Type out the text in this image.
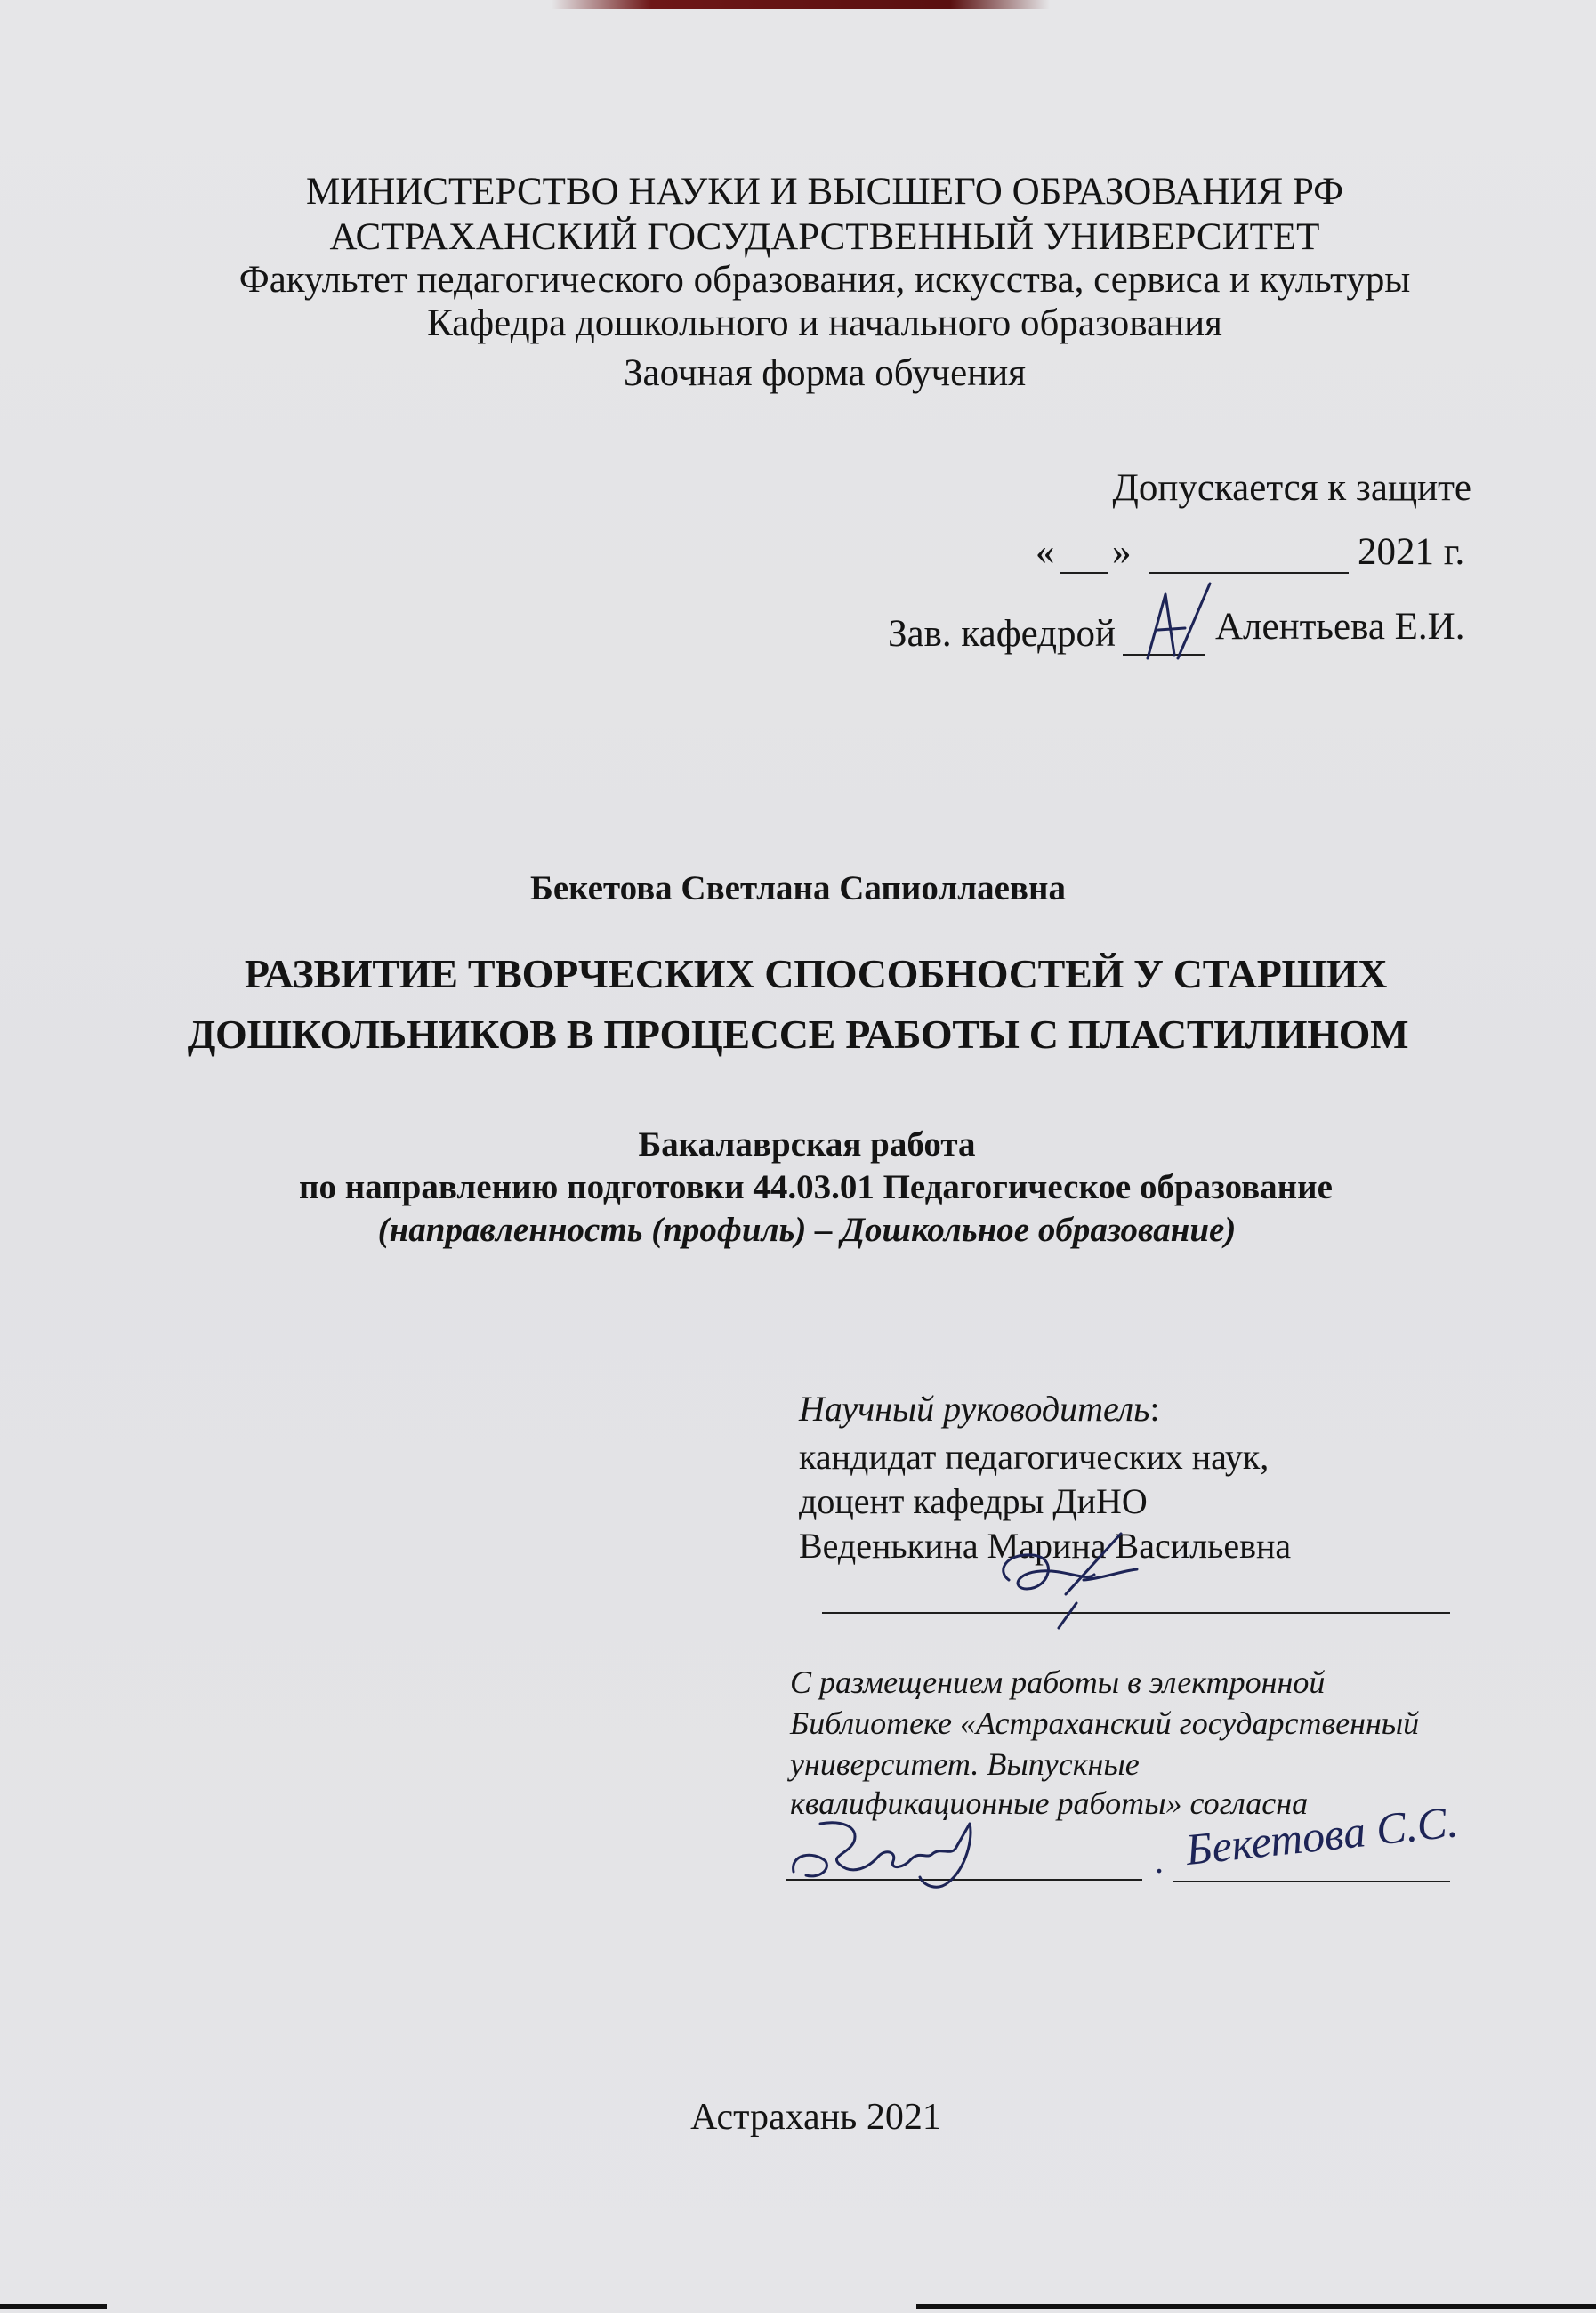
МИНИСТЕРСТВО НАУКИ И ВЫСШЕГО ОБРАЗОВАНИЯ РФ
АСТРАХАНСКИЙ ГОСУДАРСТВЕННЫЙ УНИВЕРСИТЕТ
Факультет педагогического образования, искусства, сервиса и культуры
Кафедра дошкольного и начального образования
Заочная форма обучения
Допускается к защите
« »	2021 г.
Зав. кафедрой	Алентьева Е.И.
Бекетова Светлана Сапиоллаевна
РАЗВИТИЕ ТВОРЧЕСКИХ СПОСОБНОСТЕЙ У СТАРШИХ
ДОШКОЛЬНИКОВ В ПРОЦЕССЕ РАБОТЫ С ПЛАСТИЛИНОМ
Бакалаврская работа
по направлению подготовки 44.03.01 Педагогическое образование
(направленность (профиль) – Дошкольное образование)
Научный руководитель:
кандидат педагогических наук,
доцент кафедры ДиНО
Веденькина Марина Васильевна
С размещением работы в электронной
Библиотеке «Астраханский государственный
университет. Выпускные
квалификационные работы» согласна
. Бекетова С.С.
Астрахань 2021
